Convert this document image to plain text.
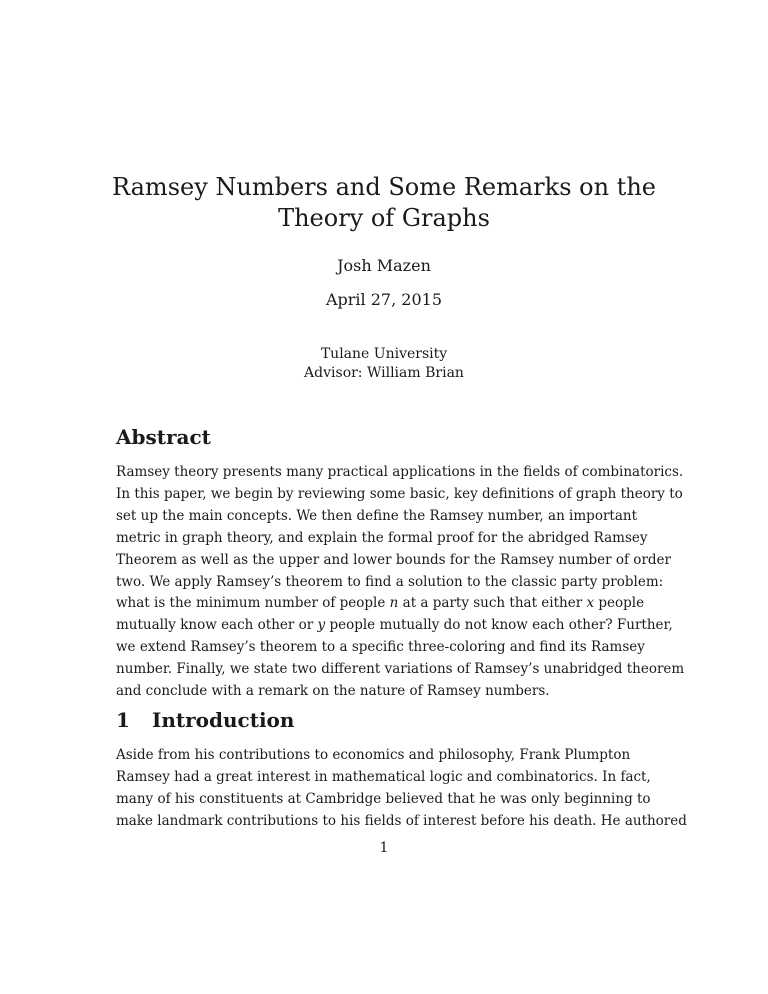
Ramsey Numbers and Some Remarks on the
Theory of Graphs
Josh Mazen
April 27, 2015
Tulane University
Advisor: William Brian
Abstract

Ramsey theory presents many practical applications in the fields of combinatorics.
In this paper, we begin by reviewing some basic, key definitions of graph theory to
set up the main concepts. We then define the Ramsey number, an important
metric in graph theory, and explain the formal proof for the abridged Ramsey
Theorem as well as the upper and lower bounds for the Ramsey number of order
two. We apply Ramsey’s theorem to find a solution to the classic party problem:
what is the minimum number of people n at a party such that either x people
mutually know each other or y people mutually do not know each other? Further,
we extend Ramsey’s theorem to a specific three-coloring and find its Ramsey
number. Finally, we state two different variations of Ramsey’s unabridged theorem
and conclude with a remark on the nature of Ramsey numbers.

1 Introduction

Aside from his contributions to economics and philosophy, Frank Plumpton
Ramsey had a great interest in mathematical logic and combinatorics. In fact,
many of his constituents at Cambridge believed that he was only beginning to
make landmark contributions to his fields of interest before his death. He authored

1
